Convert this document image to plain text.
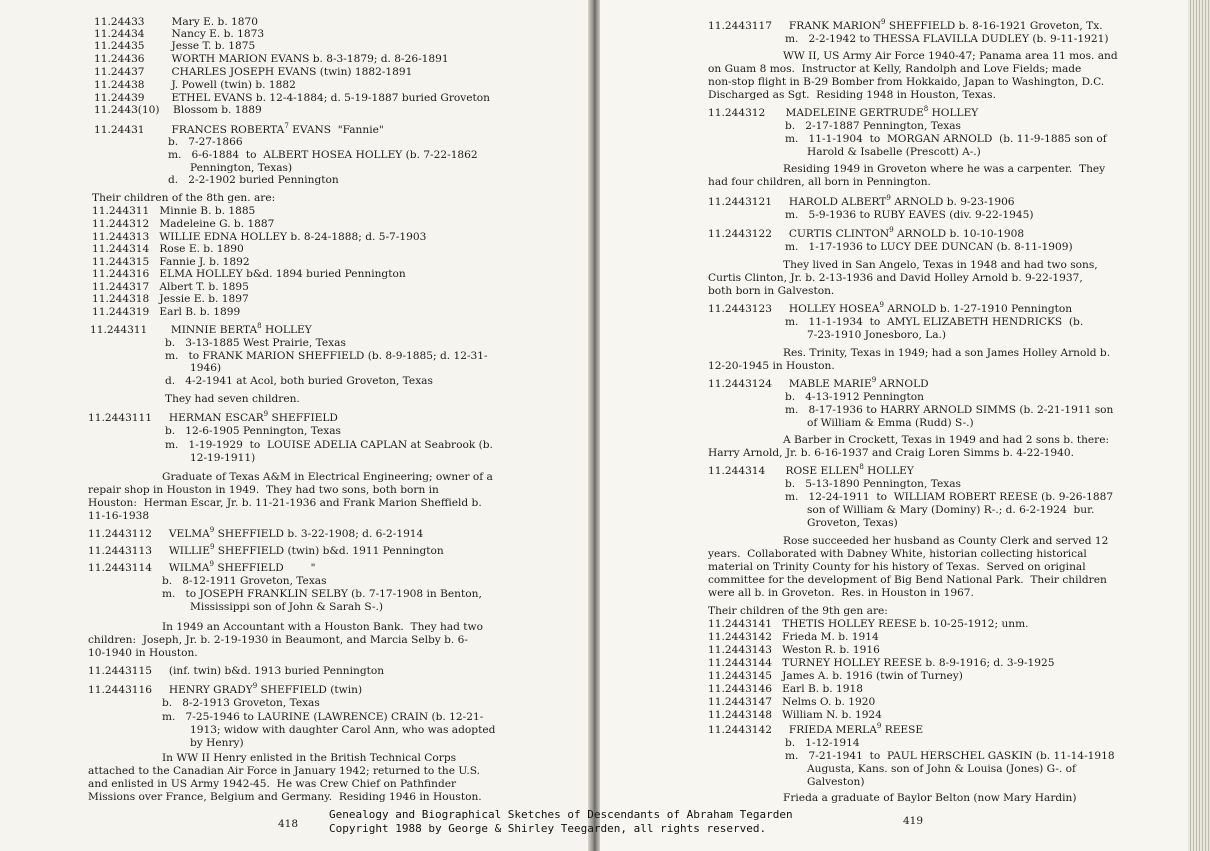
11.24433        Mary E. b. 1870
11.24434        Nancy E. b. 1873
11.24435        Jesse T. b. 1875
11.24436        WORTH MARION EVANS b. 8-3-1879; d. 8-26-1891
11.24437        CHARLES JOSEPH EVANS (twin) 1882-1891
11.24438        J. Powell (twin) b. 1882
11.24439        ETHEL EVANS b. 12-4-1884; d. 5-19-1887 buried Groveton
11.2443(10)    Blossom b. 1889
11.24431        FRANCES ROBERTA$^7$ EVANS  "Fannie"
b.   7-27-1866
m.   6-6-1884  to  ALBERT HOSEA HOLLEY (b. 7-22-1862
Pennington, Texas)
d.   2-2-1902 buried Pennington
Their children of the 8th gen. are:
11.244311   Minnie B. b. 1885
11.244312   Madeleine G. b. 1887
11.244313   WILLIE EDNA HOLLEY b. 8-24-1888; d. 5-7-1903
11.244314   Rose E. b. 1890
11.244315   Fannie J. b. 1892
11.244316   ELMA HOLLEY b&d. 1894 buried Pennington
11.244317   Albert T. b. 1895
11.244318   Jessie E. b. 1897
11.244319   Earl B. b. 1899
11.244311       MINNIE BERTA$^8$ HOLLEY
b.   3-13-1885 West Prairie, Texas
m.   to FRANK MARION SHEFFIELD (b. 8-9-1885; d. 12-31-
1946)
d.   4-2-1941 at Acol, both buried Groveton, Texas
They had seven children.
11.2443111     HERMAN ESCAR$^9$ SHEFFIELD
b.   12-6-1905 Pennington, Texas
m.   1-19-1929  to  LOUISE ADELIA CAPLAN at Seabrook (b.
12-19-1911)
Graduate of Texas A&M in Electrical Engineering; owner of a
repair shop in Houston in 1949.  They had two sons, both born in
Houston:  Herman Escar, Jr. b. 11-21-1936 and Frank Marion Sheffield b.
11-16-1938
11.2443112     VELMA$^9$ SHEFFIELD b. 3-22-1908; d. 6-2-1914
11.2443113     WILLIE$^9$ SHEFFIELD (twin) b&d. 1911 Pennington
11.2443114     WILMA$^9$ SHEFFIELD        "
b.   8-12-1911 Groveton, Texas
m.   to JOSEPH FRANKLIN SELBY (b. 7-17-1908 in Benton,
Mississippi son of John & Sarah S-.)
In 1949 an Accountant with a Houston Bank.  They had two
children:  Joseph, Jr. b. 2-19-1930 in Beaumont, and Marcia Selby b. 6-
10-1940 in Houston.
11.2443115     (inf. twin) b&d. 1913 buried Pennington
11.2443116     HENRY GRADY$^9$ SHEFFIELD (twin)
b.   8-2-1913 Groveton, Texas
m.   7-25-1946 to LAURINE (LAWRENCE) CRAIN (b. 12-21-
1913; widow with daughter Carol Ann, who was adopted
by Henry)
In WW II Henry enlisted in the British Technical Corps
attached to the Canadian Air Force in January 1942; returned to the U.S.
and enlisted in US Army 1942-45.  He was Crew Chief on Pathfinder
Missions over France, Belgium and Germany.  Residing 1946 in Houston.
418
11.2443117     FRANK MARION$^9$ SHEFFIELD b. 8-16-1921 Groveton, Tx.
m.   2-2-1942 to THESSA FLAVILLA DUDLEY (b. 9-11-1921)
WW II, US Army Air Force 1940-47; Panama area 11 mos. and
on Guam 8 mos.  Instructor at Kelly, Randolph and Love Fields; made
non-stop flight in B-29 Bomber from Hokkaido, Japan to Washington, D.C.
Discharged as Sgt.  Residing 1948 in Houston, Texas.
11.244312      MADELEINE GERTRUDE$^8$ HOLLEY
b.   2-17-1887 Pennington, Texas
m.   11-1-1904  to  MORGAN ARNOLD  (b. 11-9-1885 son of
Harold & Isabelle (Prescott) A-.)
Residing 1949 in Groveton where he was a carpenter.  They
had four children, all born in Pennington.
11.2443121     HAROLD ALBERT$^9$ ARNOLD b. 9-23-1906
m.   5-9-1936 to RUBY EAVES (div. 9-22-1945)
11.2443122     CURTIS CLINTON$^9$ ARNOLD b. 10-10-1908
m.   1-17-1936 to LUCY DEE DUNCAN (b. 8-11-1909)
They lived in San Angelo, Texas in 1948 and had two sons,
Curtis Clinton, Jr. b. 2-13-1936 and David Holley Arnold b. 9-22-1937,
both born in Galveston.
11.2443123     HOLLEY HOSEA$^9$ ARNOLD b. 1-27-1910 Pennington
m.   11-1-1934  to  AMYL ELIZABETH HENDRICKS  (b.
7-23-1910 Jonesboro, La.)
Res. Trinity, Texas in 1949; had a son James Holley Arnold b.
12-20-1945 in Houston.
11.2443124     MABLE MARIE$^9$ ARNOLD
b.   4-13-1912 Pennington
m.   8-17-1936 to HARRY ARNOLD SIMMS (b. 2-21-1911 son
of William & Emma (Rudd) S-.)
A Barber in Crockett, Texas in 1949 and had 2 sons b. there:
Harry Arnold, Jr. b. 6-16-1937 and Craig Loren Simms b. 4-22-1940.
11.244314      ROSE ELLEN$^8$ HOLLEY
b.   5-13-1890 Pennington, Texas
m.   12-24-1911  to  WILLIAM ROBERT REESE (b. 9-26-1887
son of William & Mary (Dominy) R-.; d. 6-2-1924  bur.
Groveton, Texas)
Rose succeeded her husband as County Clerk and served 12
years.  Collaborated with Dabney White, historian collecting historical
material on Trinity County for his history of Texas.  Served on original
committee for the development of Big Bend National Park.  Their children
were all b. in Groveton.  Res. in Houston in 1967.
Their children of the 9th gen are:
11.2443141   THETIS HOLLEY REESE b. 10-25-1912; unm.
11.2443142   Frieda M. b. 1914
11.2443143   Weston R. b. 1916
11.2443144   TURNEY HOLLEY REESE b. 8-9-1916; d. 3-9-1925
11.2443145   James A. b. 1916 (twin of Turney)
11.2443146   Earl B. b. 1918
11.2443147   Nelms O. b. 1920
11.2443148   William N. b. 1924
11.2443142     FRIEDA MERLA$^9$ REESE
b.   1-12-1914
m.   7-21-1941  to  PAUL HERSCHEL GASKIN (b. 11-14-1918
Augusta, Kans. son of John & Louisa (Jones) G-. of
Galveston)
Frieda a graduate of Baylor Belton (now Mary Hardin)
419
Genealogy and Biographical Sketches of Descendants of Abraham Tegarden
Copyright 1988 by George & Shirley Teegarden, all rights reserved.
